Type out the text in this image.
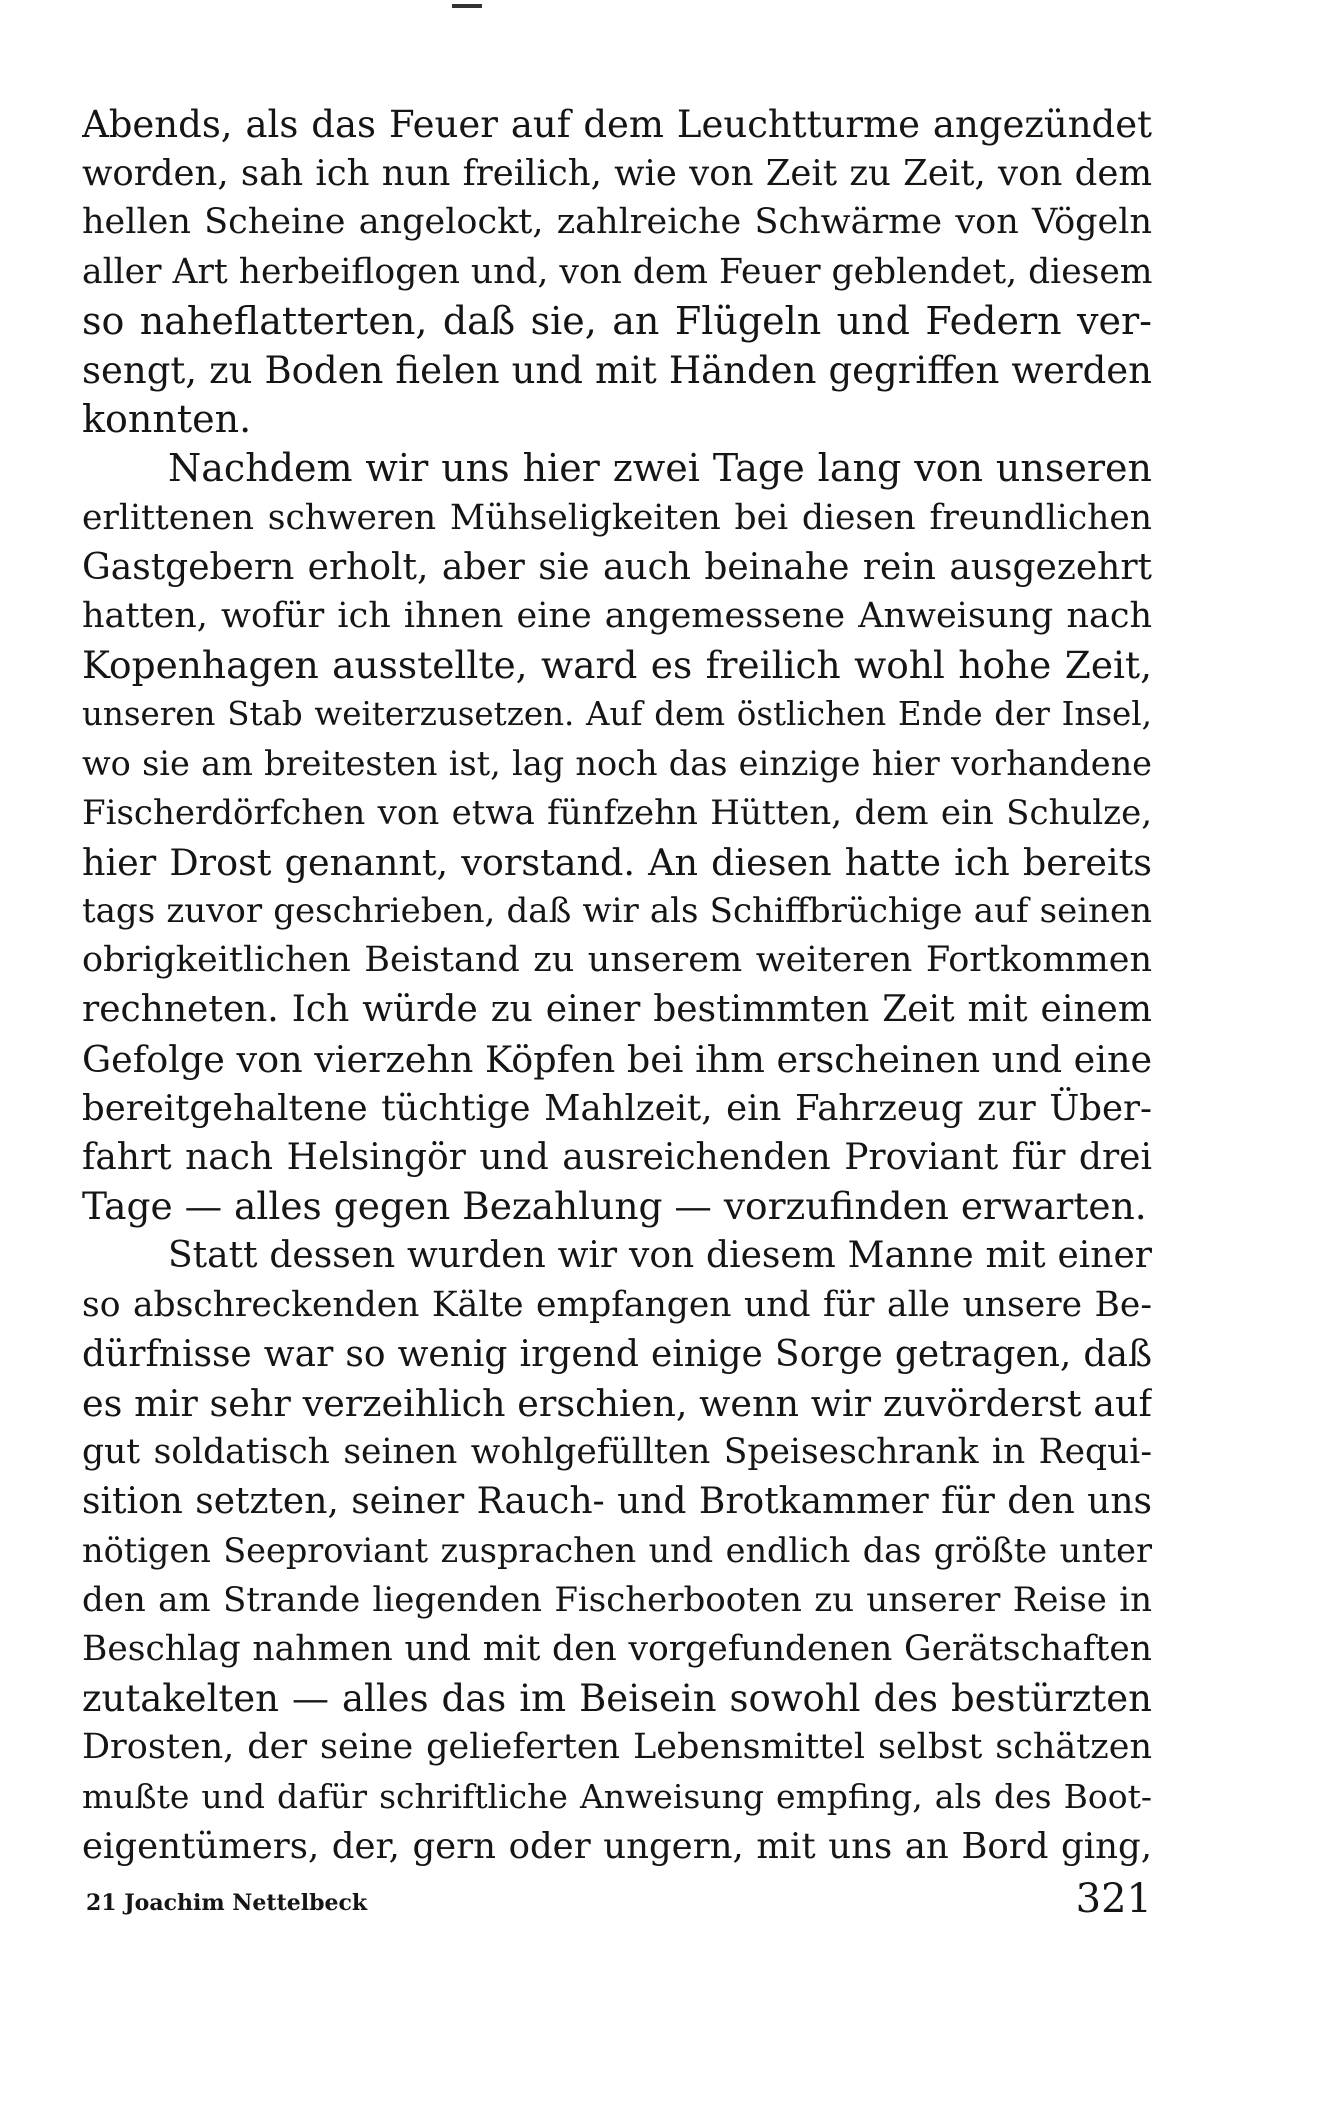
Abends, als das Feuer auf dem Leuchtturme angezündet
worden, sah ich nun freilich, wie von Zeit zu Zeit, von dem
hellen Scheine angelockt, zahlreiche Schwärme von Vögeln
aller Art herbeiflogen und, von dem Feuer geblendet, diesem
so naheflatterten, daß sie, an Flügeln und Federn ver-
sengt, zu Boden fielen und mit Händen gegriffen werden
konnten.
Nachdem wir uns hier zwei Tage lang von unseren
erlittenen schweren Mühseligkeiten bei diesen freundlichen
Gastgebern erholt, aber sie auch beinahe rein ausgezehrt
hatten, wofür ich ihnen eine angemessene Anweisung nach
Kopenhagen ausstellte, ward es freilich wohl hohe Zeit,
unseren Stab weiterzusetzen. Auf dem östlichen Ende der Insel,
wo sie am breitesten ist, lag noch das einzige hier vorhandene
Fischerdörfchen von etwa fünfzehn Hütten, dem ein Schulze,
hier Drost genannt, vorstand. An diesen hatte ich bereits
tags zuvor geschrieben, daß wir als Schiffbrüchige auf seinen
obrigkeitlichen Beistand zu unserem weiteren Fortkommen
rechneten. Ich würde zu einer bestimmten Zeit mit einem
Gefolge von vierzehn Köpfen bei ihm erscheinen und eine
bereitgehaltene tüchtige Mahlzeit, ein Fahrzeug zur Über-
fahrt nach Helsingör und ausreichenden Proviant für drei
Tage — alles gegen Bezahlung — vorzufinden erwarten.
Statt dessen wurden wir von diesem Manne mit einer
so abschreckenden Kälte empfangen und für alle unsere Be-
dürfnisse war so wenig irgend einige Sorge getragen, daß
es mir sehr verzeihlich erschien, wenn wir zuvörderst auf
gut soldatisch seinen wohlgefüllten Speiseschrank in Requi-
sition setzten, seiner Rauch- und Brotkammer für den uns
nötigen Seeproviant zusprachen und endlich das größte unter
den am Strande liegenden Fischerbooten zu unserer Reise in
Beschlag nahmen und mit den vorgefundenen Gerätschaften
zutakelten — alles das im Beisein sowohl des bestürzten
Drosten, der seine gelieferten Lebensmittel selbst schätzen
mußte und dafür schriftliche Anweisung empfing, als des Boot-
eigentümers, der, gern oder ungern, mit uns an Bord ging,
21 Joachim Nettelbeck	321
